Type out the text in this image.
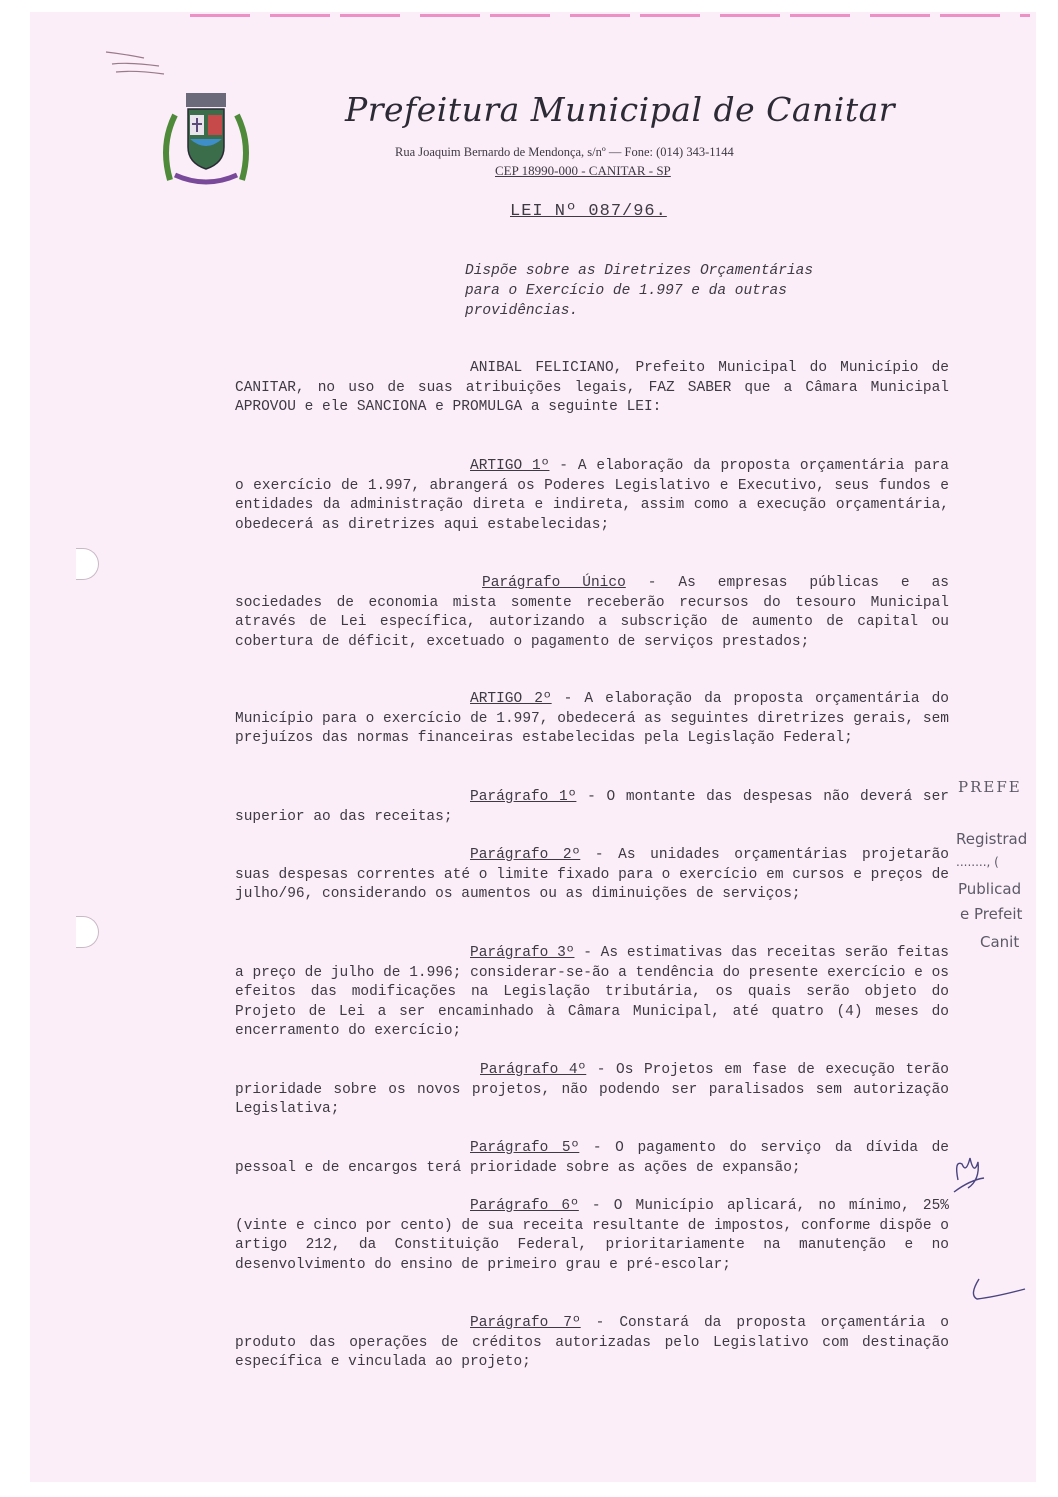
Prefeitura Municipal de Canitar
Rua Joaquim Bernardo de Mendonça, s/nº — Fone: (014) 343-1144
CEP 18990-000 - CANITAR - SP
LEI Nº 087/96.
Dispõe sobre as Diretrizes Orçamentárias para o Exercício de 1.997 e da outras providências.
ANIBAL FELICIANO, Prefeito Municipal do Município de CANITAR, no uso de suas atribuições legais, FAZ SABER que a Câmara Municipal APROVOU e ele SANCIONA e PROMULGA a seguinte LEI:
ARTIGO 1º - A elaboração da proposta orçamentária para o exercício de 1.997, abrangerá os Poderes Legislativo e Executivo, seus fundos e entidades da administração direta e indireta, assim como a execução orçamentária, obedecerá as diretrizes aqui estabelecidas;
Parágrafo Único - As empresas públicas e as sociedades de economia mista somente receberão recursos do tesouro Municipal através de Lei específica, autorizando a subscrição de aumento de capital ou cobertura de déficit, excetuado o pagamento de serviços prestados;
ARTIGO 2º - A elaboração da proposta orçamentária do Município para o exercício de 1.997, obedecerá as seguintes diretrizes gerais, sem prejuízos das normas financeiras estabelecidas pela Legislação Federal;
Parágrafo 1º - O montante das despesas não deverá ser superior ao das receitas;
Parágrafo 2º - As unidades orçamentárias projetarão suas despesas correntes até o limite fixado para o exercício em cursos e preços de julho/96, considerando os aumentos ou as diminuições de serviços;
Parágrafo 3º - As estimativas das receitas serão feitas a preço de julho de 1.996; considerar-se-ão a tendência do presente exercício e os efeitos das modificações na Legislação tributária, os quais serão objeto do Projeto de Lei a ser encaminhado à Câmara Municipal, até quatro (4) meses do encerramento do exercício;
Parágrafo 4º - Os Projetos em fase de execução terão prioridade sobre os novos projetos, não podendo ser paralisados sem autorização Legislativa;
Parágrafo 5º - O pagamento do serviço da dívida de pessoal e de encargos terá prioridade sobre as ações de expansão;
Parágrafo 6º - O Município aplicará, no mínimo, 25% (vinte e cinco por cento) de sua receita resultante de impostos, conforme dispõe o artigo 212, da Constituição Federal, prioritariamente na manutenção e no desenvolvimento do ensino de primeiro grau e pré-escolar;
Parágrafo 7º - Constará da proposta orçamentária o produto das operações de créditos autorizadas pelo Legislativo com destinação específica e vinculada ao projeto;
PREFE
Registrad
........, (
Publicad
e Prefeit
Canit
